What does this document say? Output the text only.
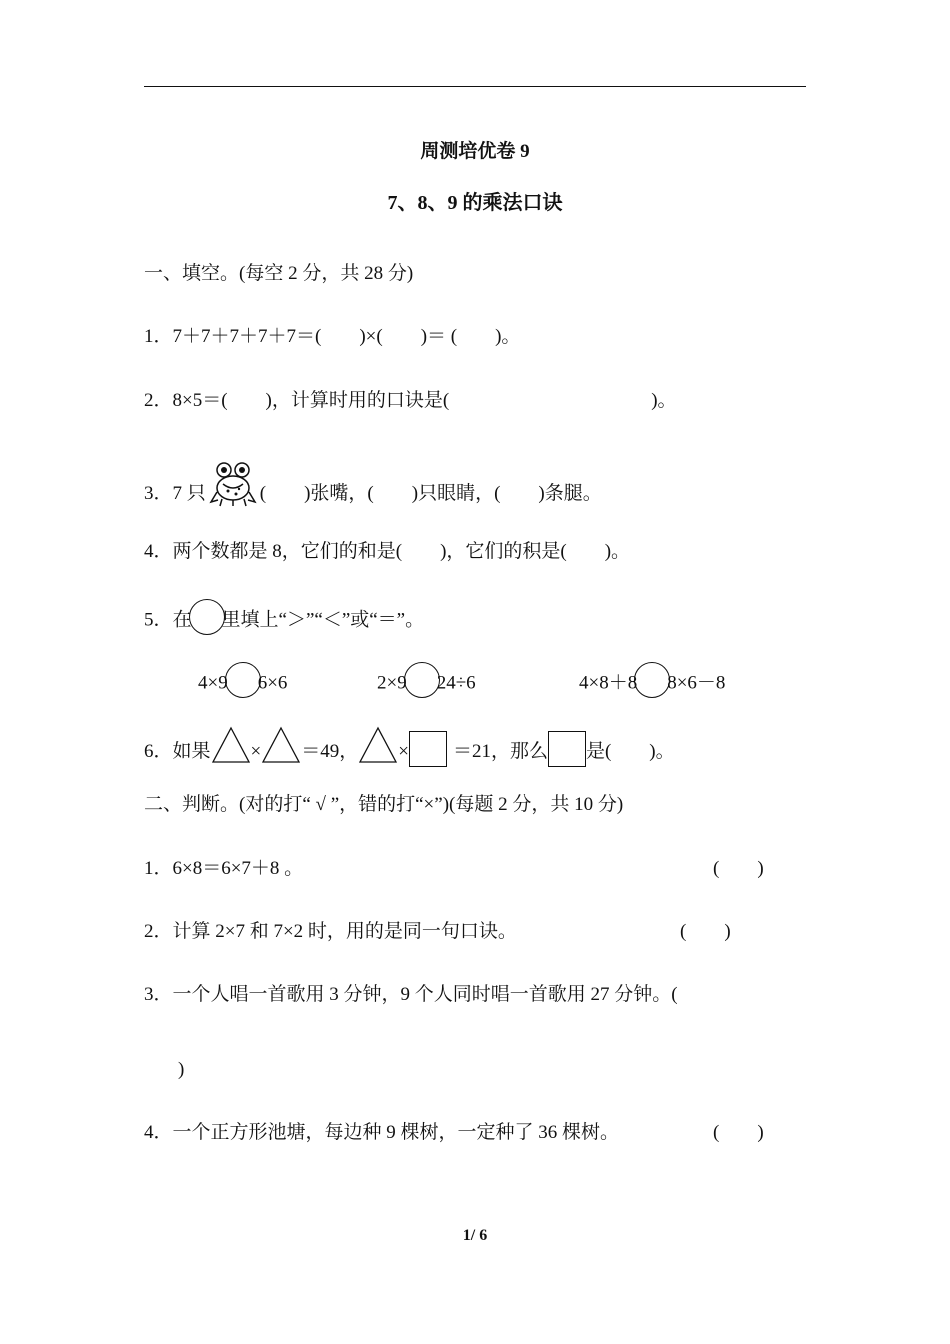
周测培优卷 9
7、8、9 的乘法口诀
一、填空。(每空 2 分，共 28 分)
1．7＋7＋7＋7＋7＝(　　)×(　　)＝ (　　)。
2．8×5＝(　　)，计算时用的口诀是(	)。
3．7 只	(　　)张嘴，(　　)只眼睛，(　　)条腿。
4．两个数都是 8，它们的和是(　　)，它们的积是(　　)。
5．在 里填上“＞”“＜”或“＝”。
4×9 6×6	2×9 24÷6	4×8＋8 8×6－8
6．如果 × ＝49， × ＝21，那么 是(　　)。
二、判断。(对的打“ √ ”，错的打“×”)(每题 2 分，共 10 分)
1．6×8＝6×7＋8 。	(　　)
2．计算 2×7 和 7×2 时，用的是同一句口诀。	(　　)
3．一个人唱一首歌用 3 分钟，9 个人同时唱一首歌用 27 分钟。(
)
4．一个正方形池塘，每边种 9 棵树，一定种了 36 棵树。	(　　)
1/ 6
